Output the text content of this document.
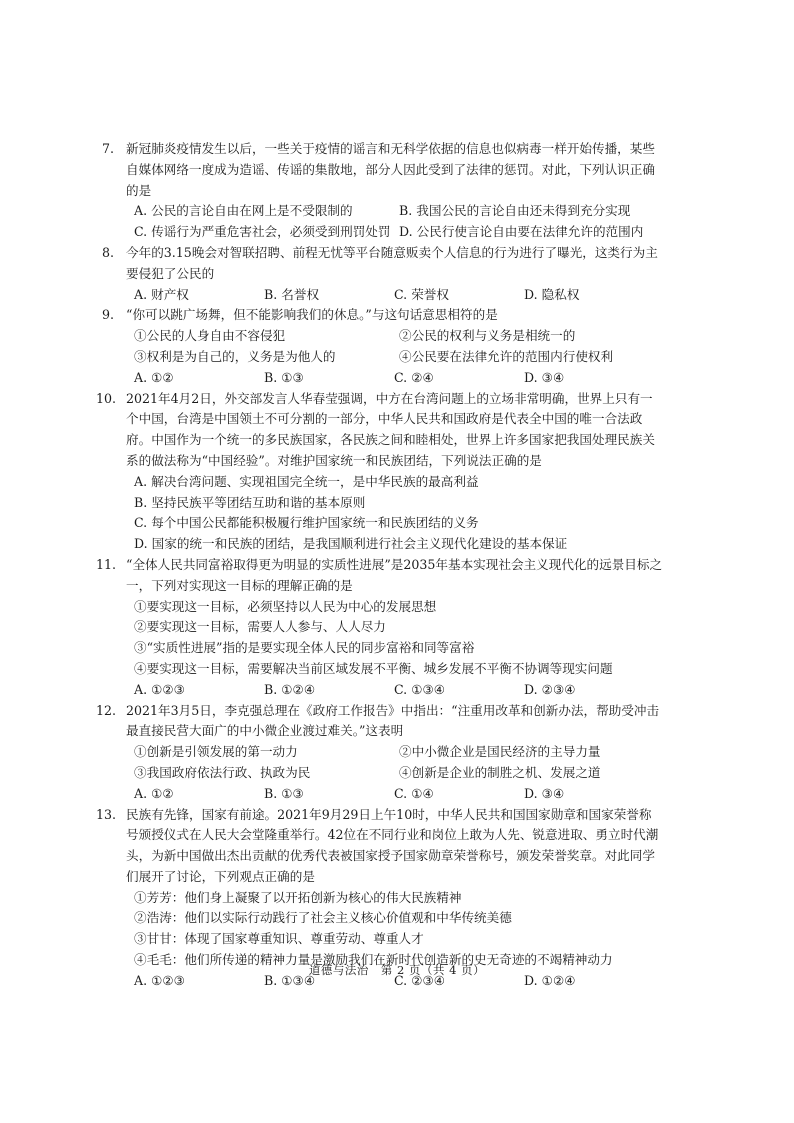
7. 新冠肺炎疫情发生以后，一些关于疫情的谣言和无科学依据的信息也似病毒一样开始传播，某些自媒体网络一度成为造谣、传谣的集散地，部分人因此受到了法律的惩罚。对此，下列认识正确的是

A. 公民的言论自由在网上是不受限制的	B. 我国公民的言论自由还未得到充分实现
C. 传谣行为严重危害社会，必须受到刑罚处罚 D. 公民行使言论自由要在法律允许的范围内
8. 今年的3.15晚会对智联招聘、前程无忧等平台随意贩卖个人信息的行为进行了曝光，这类行为主要侵犯了公民的

A. 财产权	B. 名誉权	C. 荣誉权	D. 隐私权
9. “你可以跳广场舞，但不能影响我们的休息。”与这句话意思相符的是

①公民的人身自由不容侵犯	②公民的权利与义务是相统一的
③权利是为自己的，义务是为他人的	④公民要在法律允许的范围内行使权利
A. ①②	B. ①③	C. ②④	D. ③④
10. 2021年4月2日，外交部发言人华春莹强调，中方在台湾问题上的立场非常明确，世界上只有一个中国，台湾是中国领土不可分割的一部分，中华人民共和国政府是代表全中国的唯一合法政府。中国作为一个统一的多民族国家，各民族之间和睦相处，世界上许多国家把我国处理民族关系的做法称为“中国经验”。对维护国家统一和民族团结，下列说法正确的是

A. 解决台湾问题、实现祖国完全统一，是中华民族的最高利益
B. 坚持民族平等团结互助和谐的基本原则
C. 每个中国公民都能积极履行维护国家统一和民族团结的义务
D. 国家的统一和民族的团结，是我国顺利进行社会主义现代化建设的基本保证
11. “全体人民共同富裕取得更为明显的实质性进展”是2035年基本实现社会主义现代化的远景目标之一，下列对实现这一目标的理解正确的是

①要实现这一目标，必须坚持以人民为中心的发展思想
②要实现这一目标，需要人人参与、人人尽力
③“实质性进展”指的是要实现全体人民的同步富裕和同等富裕
④要实现这一目标，需要解决当前区域发展不平衡、城乡发展不平衡不协调等现实问题
A. ①②③	B. ①②④	C. ①③④	D. ②③④
12. 2021年3月5日，李克强总理在《政府工作报告》中指出：“注重用改革和创新办法，帮助受冲击最直接民营大面广的中小微企业渡过难关。”这表明

①创新是引领发展的第一动力	②中小微企业是国民经济的主导力量
③我国政府依法行政、执政为民	④创新是企业的制胜之机、发展之道
A. ①②	B. ①③	C. ①④	D. ③④
13. 民族有先锋，国家有前途。2021年9月29日上午10时，中华人民共和国国家勋章和国家荣誉称号颁授仪式在人民大会堂隆重举行。42位在不同行业和岗位上敢为人先、锐意进取、勇立时代潮头，为新中国做出杰出贡献的优秀代表被国家授予国家勋章荣誉称号，颁发荣誉奖章。对此同学们展开了讨论，下列观点正确的是

①芳芳：他们身上凝聚了以开拓创新为核心的伟大民族精神
②浩涛：他们以实际行动践行了社会主义核心价值观和中华传统美德
③甘甘：体现了国家尊重知识、尊重劳动、尊重人才
④毛毛：他们所传递的精神力量是激励我们在新时代创造新的史无奇迹的不竭精神动力
A. ①②③	B. ①③④	C. ②③④	D. ①②④
道德与法治　第 2 页（共 4 页）
